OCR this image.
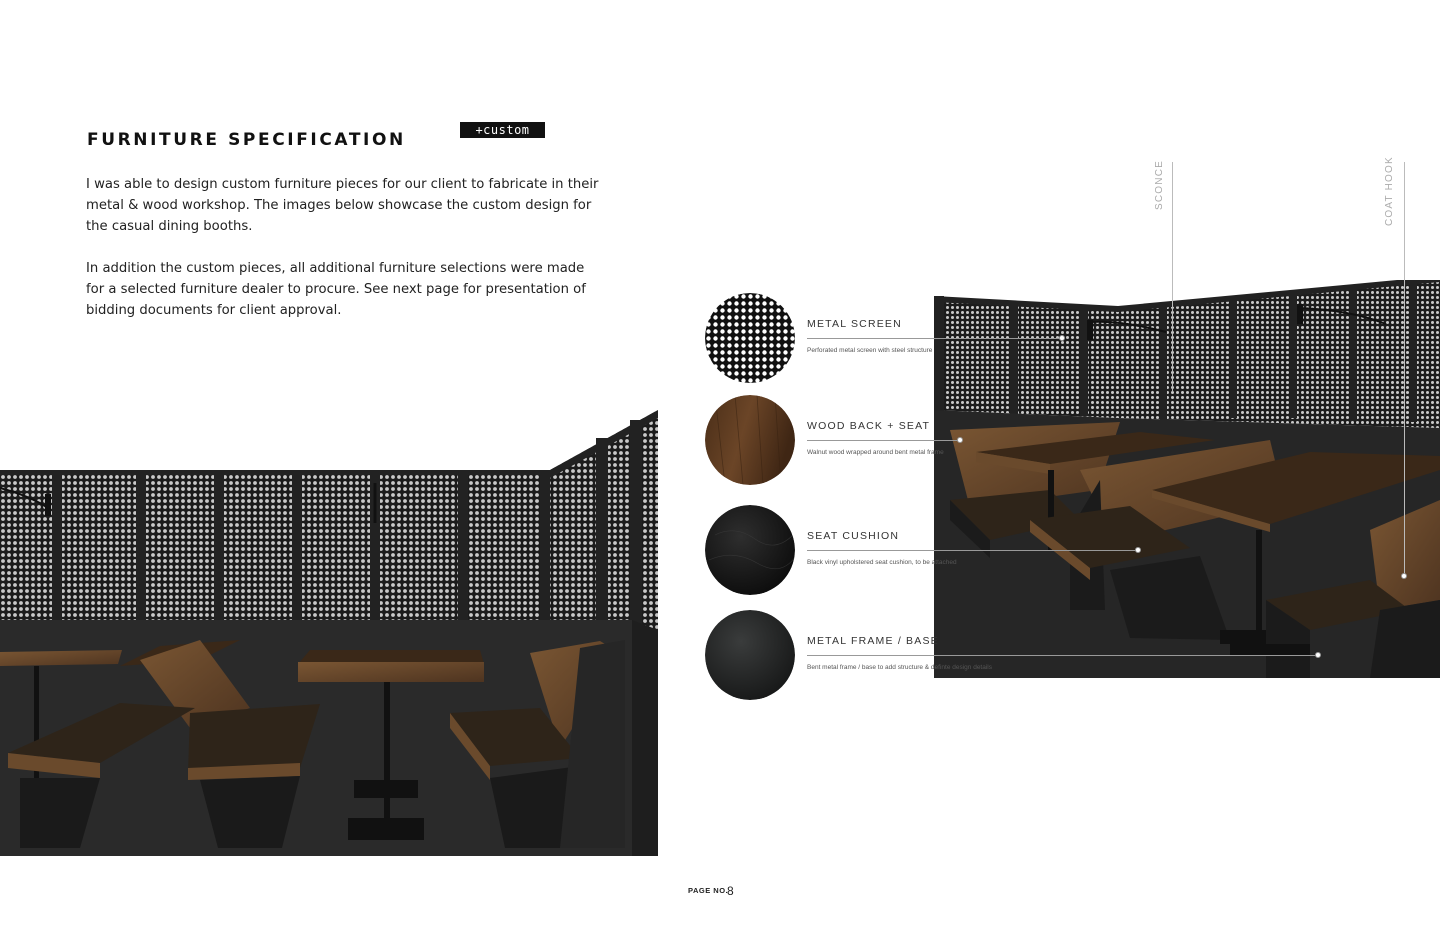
FURNITURE SPECIFICATION	+custom

I was able to design custom furniture pieces for our client to fabricate in their metal & wood workshop. The images below showcase the custom design for the casual dining booths.

In addition the custom pieces, all additional furniture selections were made for a selected furniture dealer to procure. See next page for presentation of bidding documents for client approval.

SCONCE	COAT HOOK
METAL SCREEN
Perforated metal screen with steel structure
WOOD BACK + SEAT
Walnut wood wrapped around bent metal frame
SEAT CUSHION
Black vinyl upholstered seat cushion, to be attached
METAL FRAME / BASE
Bent metal frame / base to add structure & definte design details
PAGE NO.
8
